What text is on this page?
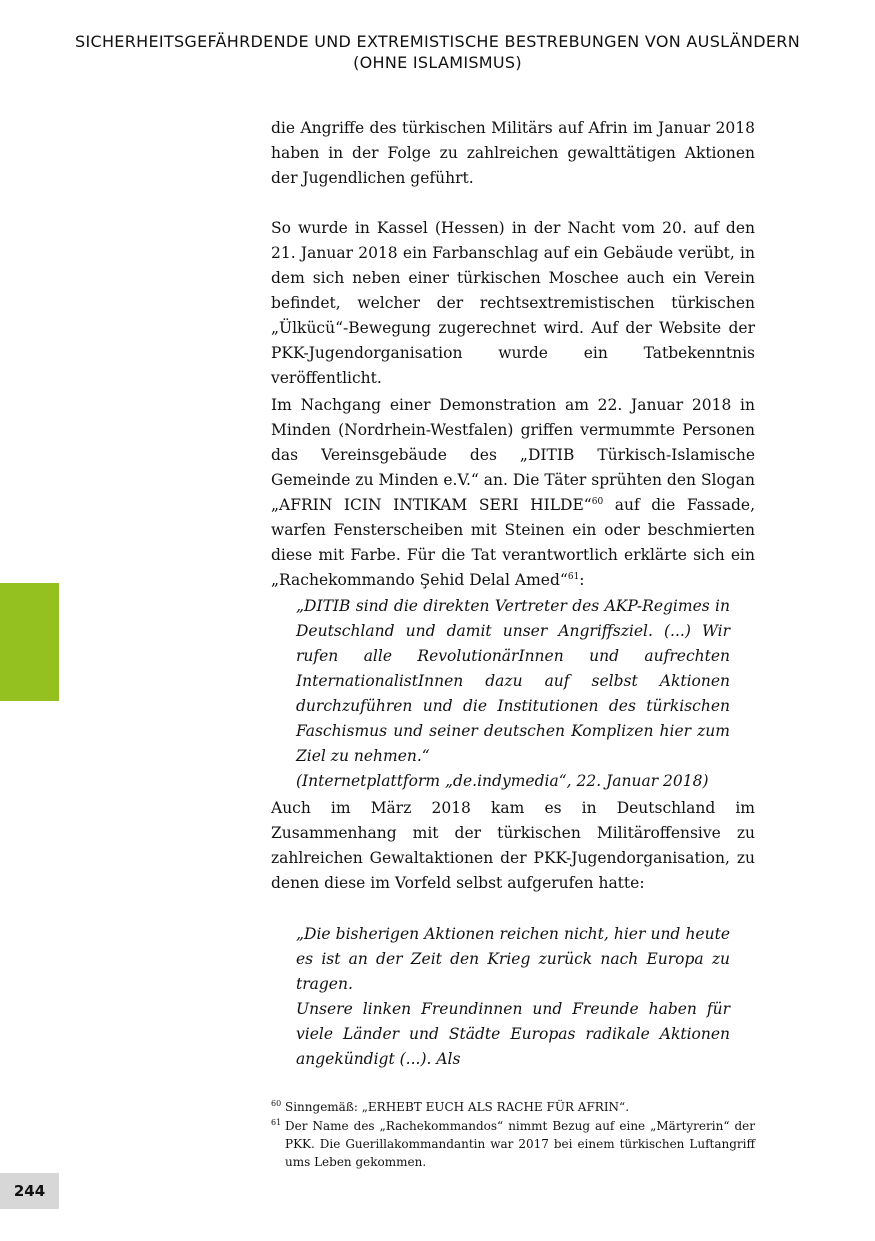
SICHERHEITSGEFÄHRDENDE UND EXTREMISTISCHE BESTREBUNGEN VON AUSLÄNDERN
(OHNE ISLAMISMUS)

die Angriffe des türkischen Militärs auf Afrin im Januar 2018 haben in der Folge zu zahlreichen gewalttätigen Aktionen der Jugendlichen geführt.

So wurde in Kassel (Hessen) in der Nacht vom 20. auf den 21. Januar 2018 ein Farbanschlag auf ein Gebäude verübt, in dem sich neben einer türkischen Moschee auch ein Verein befindet, welcher der rechtsextremistischen türkischen „Ülkücü“-Bewegung zugerechnet wird. Auf der Website der PKK-Jugendorganisation wurde ein Tatbekenntnis veröffentlicht.

Im Nachgang einer Demonstration am 22. Januar 2018 in Minden (Nordrhein-Westfalen) griffen vermummte Personen das Vereinsgebäude des „DITIB Türkisch-Islamische Gemeinde zu Minden e.V.“ an. Die Täter sprühten den Slogan „AFRIN ICIN INTIKAM SERI HILDE“$^{60}$ auf die Fassade, warfen Fensterscheiben mit Steinen ein oder beschmierten diese mit Farbe. Für die Tat verantwortlich erklärte sich ein „Rachekommando Şehid Delal Amed“$^{61}$:

„DITIB sind die direkten Vertreter des AKP-Regimes in Deutschland und damit unser Angriffsziel. (...) Wir rufen alle RevolutionärInnen und aufrechten InternationalistInnen dazu auf selbst Aktionen durchzuführen und die Institutionen des türkischen Faschismus und seiner deutschen Komplizen hier zum Ziel zu nehmen.“
(Internetplattform „de.indymedia“, 22. Januar 2018)

Auch im März 2018 kam es in Deutschland im Zusammenhang mit der türkischen Militäroffensive zu zahlreichen Gewaltaktionen der PKK-Jugendorganisation, zu denen diese im Vorfeld selbst aufgerufen hatte:

„Die bisherigen Aktionen reichen nicht, hier und heute es ist an der Zeit den Krieg zurück nach Europa zu tragen.
Unsere linken Freundinnen und Freunde haben für viele Länder und Städte Europas radikale Aktionen angekündigt (...). Als
60 Sinngemäß: „ERHEBT EUCH ALS RACHE FÜR AFRIN“.
61 Der Name des „Rachekommandos“ nimmt Bezug auf eine „Märtyrerin“ der PKK. Die Guerillakommandantin war 2017 bei einem türkischen Luftangriff ums Leben gekommen.
244
